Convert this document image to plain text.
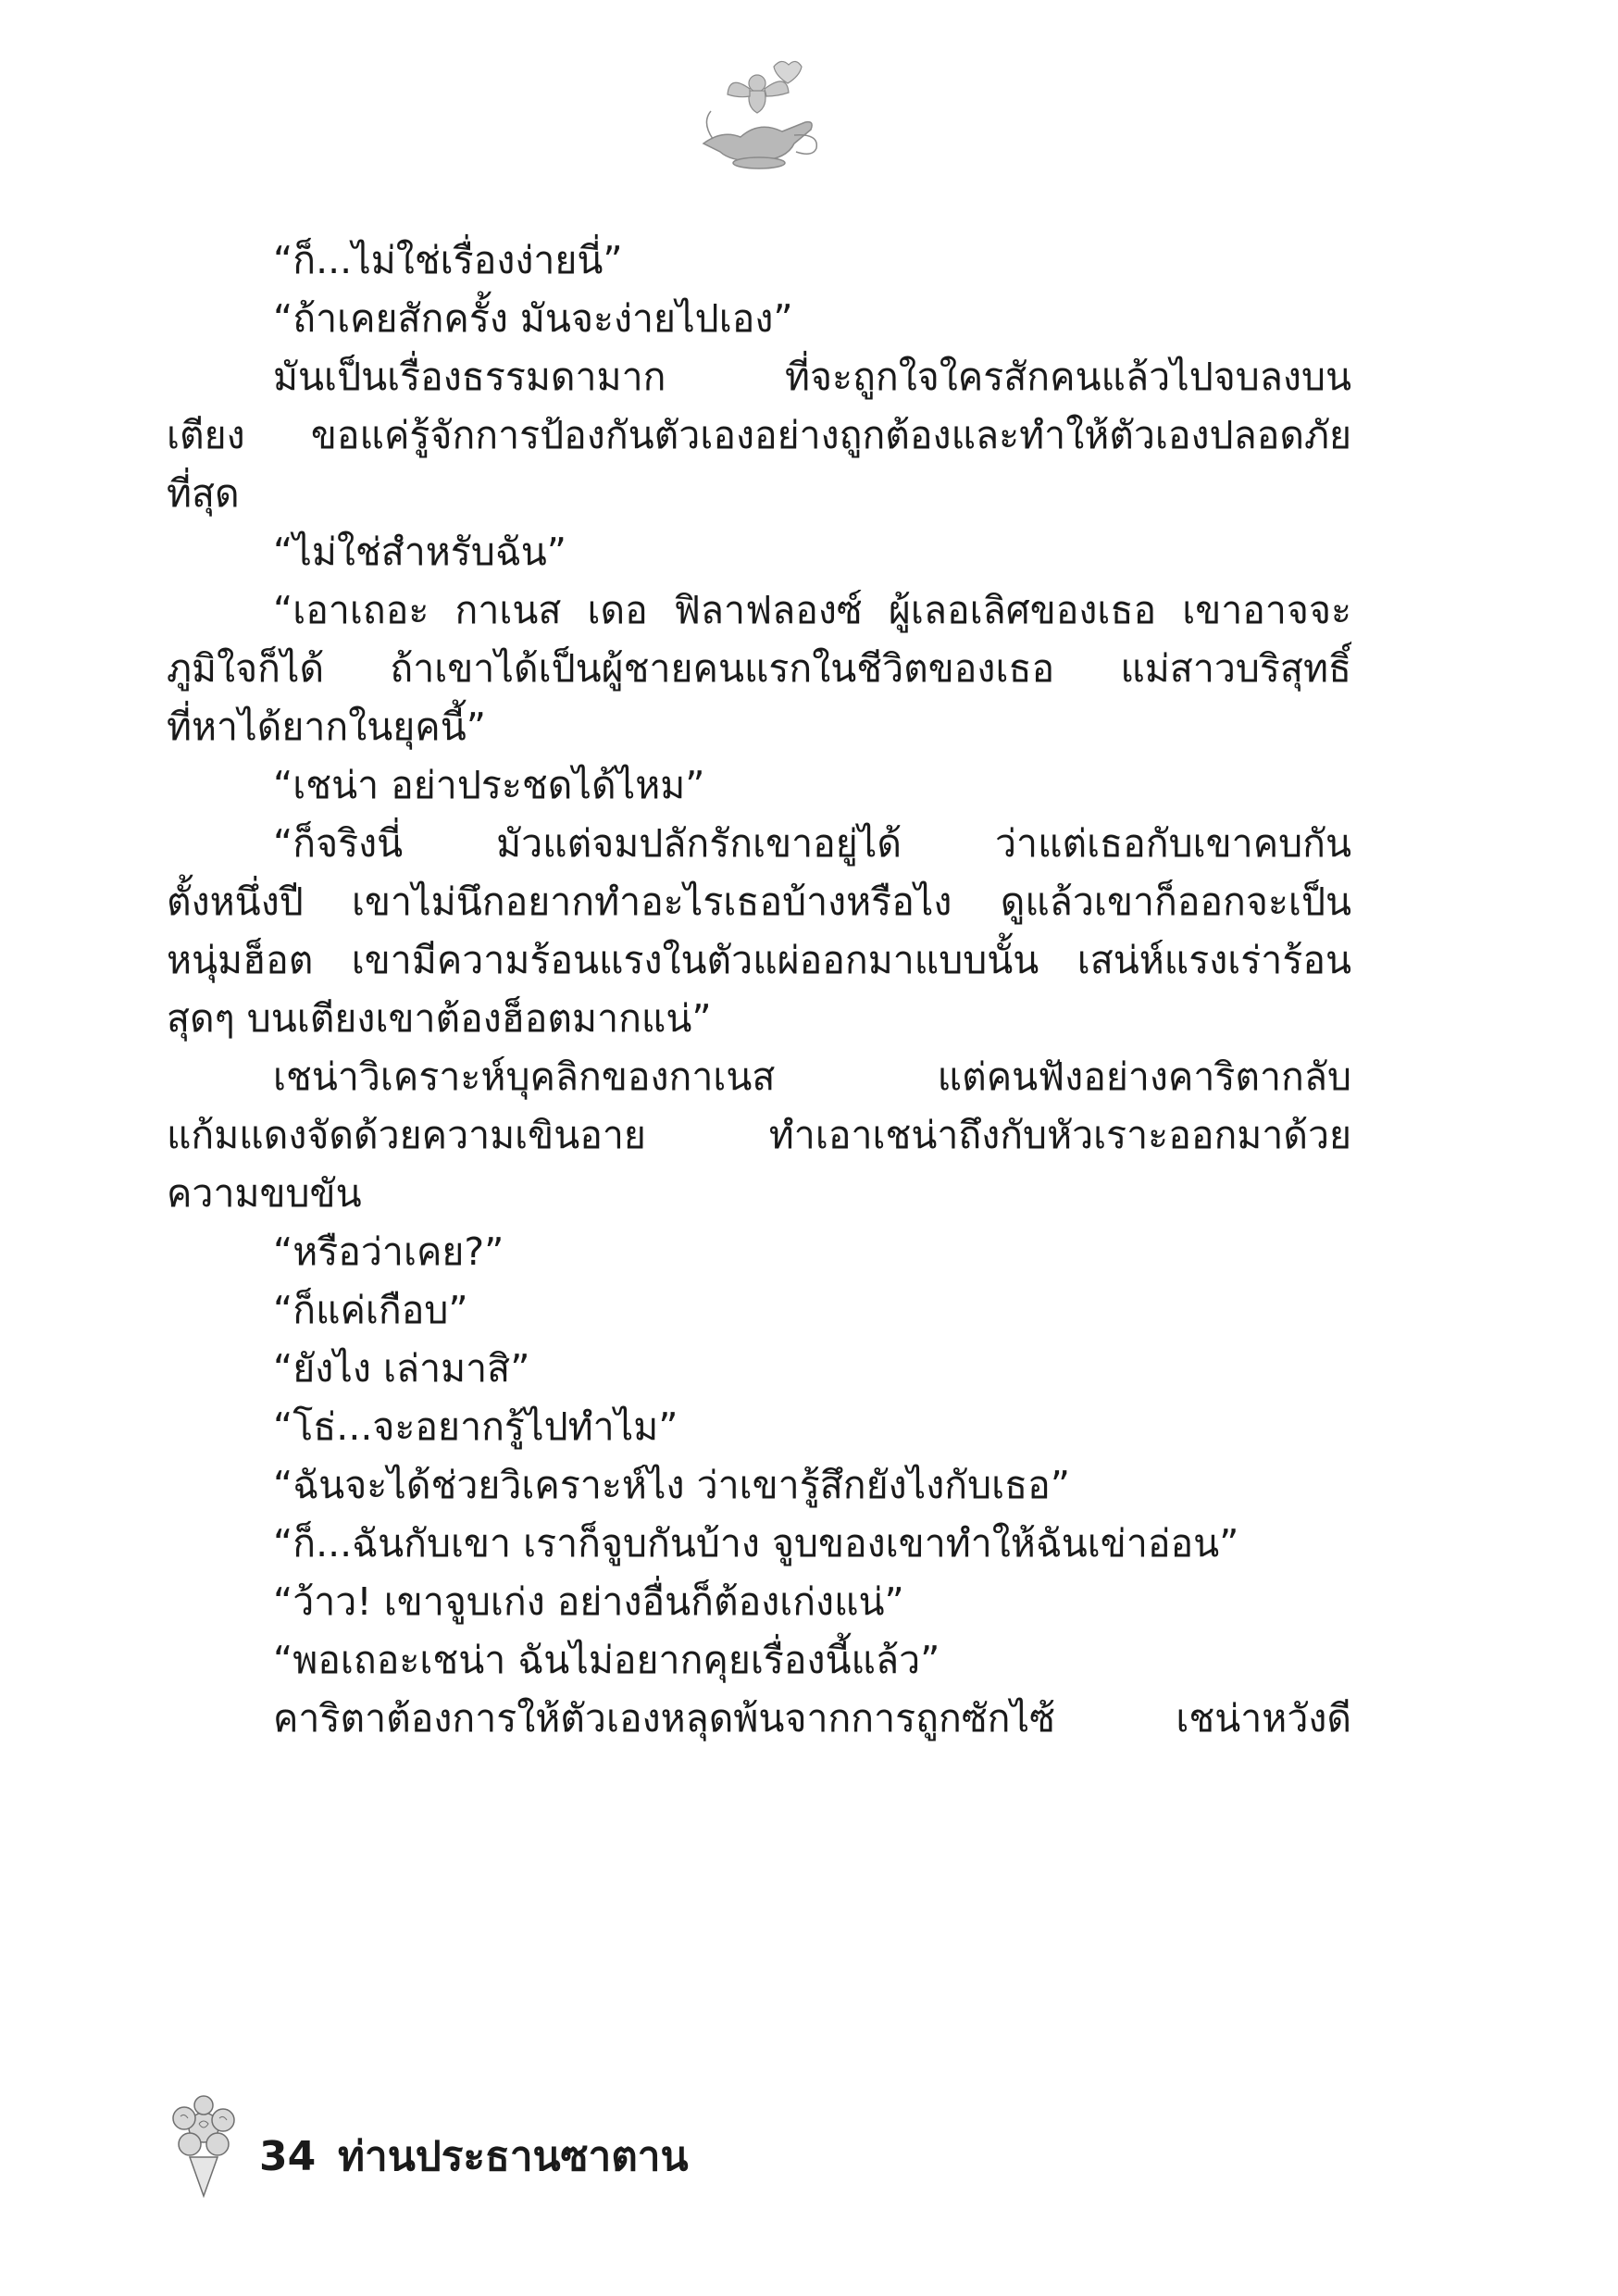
“ก็...ไม่ใช่เรื่องง่ายนี่”
“ถ้าเคยสักครั้ง มันจะง่ายไปเอง”
มันเป็นเรื่องธรรมดามาก ที่จะถูกใจใครสักคนแล้วไปจบลงบน
เตียง ขอแค่รู้จักการป้องกันตัวเองอย่างถูกต้องและทำให้ตัวเองปลอดภัย
ที่สุด
“ไม่ใช่สำหรับฉัน”
“เอาเถอะ กาเนส เดอ ฟิลาฟลองซ์ ผู้เลอเลิศของเธอ เขาอาจจะ
ภูมิใจก็ได้ ถ้าเขาได้เป็นผู้ชายคนแรกในชีวิตของเธอ แม่สาวบริสุทธิ์
ที่หาได้ยากในยุคนี้”
“เชน่า อย่าประชดได้ไหม”
“ก็จริงนี่ มัวแต่จมปลักรักเขาอยู่ได้ ว่าแต่เธอกับเขาคบกัน
ตั้งหนึ่งปี เขาไม่นึกอยากทำอะไรเธอบ้างหรือไง ดูแล้วเขาก็ออกจะเป็น
หนุ่มฮ็อต เขามีความร้อนแรงในตัวแผ่ออกมาแบบนั้น เสน่ห์แรงเร่าร้อน
สุดๆ บนเตียงเขาต้องฮ็อตมากแน่”
เชน่าวิเคราะห์บุคลิกของกาเนส แต่คนฟังอย่างคาริตากลับ
แก้มแดงจัดด้วยความเขินอาย ทำเอาเชน่าถึงกับหัวเราะออกมาด้วย
ความขบขัน
“หรือว่าเคย?”
“ก็แค่เกือบ”
“ยังไง เล่ามาสิ”
“โธ่...จะอยากรู้ไปทำไม”
“ฉันจะได้ช่วยวิเคราะห์ไง ว่าเขารู้สึกยังไงกับเธอ”
“ก็...ฉันกับเขา เราก็จูบกันบ้าง จูบของเขาทำให้ฉันเข่าอ่อน”
“ว้าว! เขาจูบเก่ง อย่างอื่นก็ต้องเก่งแน่”
“พอเถอะเชน่า ฉันไม่อยากคุยเรื่องนี้แล้ว”
คาริตาต้องการให้ตัวเองหลุดพ้นจากการถูกซักไซ้ เชน่าหวังดี
34 ท่านประธานซาตาน
